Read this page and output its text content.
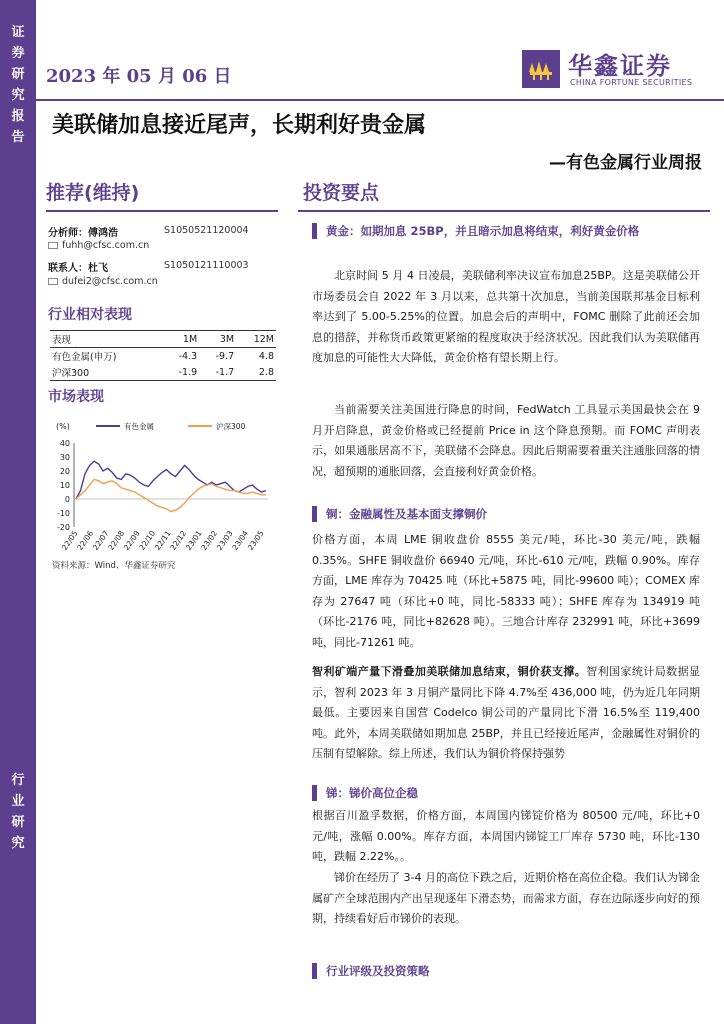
证
券
研
究
报
告
行
业
研
究
2023 年 05 月 06 日	华鑫证券
CHINA FORTUNE SECURITIES
美联储加息接近尾声，长期利好贵金属
—有色金属行业周报
推荐(维持)
分析师：傅鸿浩	S1050521120004
fuhh@cfsc.com.cn
联系人：杜飞	S1050121110003
dufei2@cfsc.com.cn
行业相对表现
表现	1M	3M	12M
有色金属(申万)	-4.3	-9.7	4.8
沪深300	-1.9	-1.7	2.8
市场表现
(%)	有色金属	沪深300
40
30
20
10
0
-10
-20
22/05
22/06
22/07
22/08
22/09
22/10
22/11
22/12
23/01
23/02
23/03
23/04
23/05
资料来源：Wind、华鑫证券研究
投资要点
黄金：如期加息 25BP，并且暗示加息将结束，利好黄金价格
北京时间 5 月 4 日凌晨，美联储利率决议宣布加息25BP。这是美联储公开市场委员会自 2022 年 3 月以来，总共第十次加息，当前美国联邦基金目标利率达到了 5.00-5.25%的位置。加息会后的声明中，FOMC 删除了此前还会加息的措辞，并称货币政策更紧缩的程度取决于经济状况。因此我们认为美联储再度加息的可能性大大降低，黄金价格有望长期上行。
当前需要关注美国进行降息的时间，FedWatch 工具显示美国最快会在 9 月开启降息，黄金价格或已经提前 Price in 这个降息预期。而 FOMC 声明表示，如果通胀居高不下，美联储不会降息。因此后期需要着重关注通胀回落的情况，超预期的通胀回落，会直接利好黄金价格。
铜：金融属性及基本面支撑铜价
价格方面，本周 LME 铜收盘价 8555 美元/吨，环比-30 美元/吨，跌幅 0.35%。SHFE 铜收盘价 66940 元/吨，环比-610 元/吨，跌幅 0.90%。库存方面，LME 库存为 70425 吨（环比+5875 吨，同比-99600 吨）；COMEX 库存为 27647 吨（环比+0 吨，同比-58333 吨）；SHFE 库存为 134919 吨（环比-2176 吨，同比+82628 吨）。三地合计库存 232991 吨，环比+3699 吨，同比-71261 吨。
智利矿端产量下滑叠加美联储加息结束，铜价获支撑。智利国家统计局数据显示，智利 2023 年 3 月铜产量同比下降 4.7%至 436,000 吨，仍为近几年同期最低。主要因来自国营 Codelco 铜公司的产量同比下滑 16.5%至 119,400 吨。此外，本周美联储如期加息 25BP，并且已经接近尾声，金融属性对铜价的压制有望解除。综上所述，我们认为铜价将保持强势
锑：锑价高位企稳
根据百川盈孚数据，价格方面，本周国内锑锭价格为 80500 元/吨，环比+0 元/吨，涨幅 0.00%。库存方面，本周国内锑锭工厂库存 5730 吨，环比-130 吨，跌幅 2.22%。。
锑价在经历了 3-4 月的高位下跌之后，近期价格在高位企稳。我们认为锑金属矿产全球范围内产出呈现逐年下滑态势，而需求方面，存在边际逐步向好的预期，持续看好后市锑价的表现。
行业评级及投资策略
